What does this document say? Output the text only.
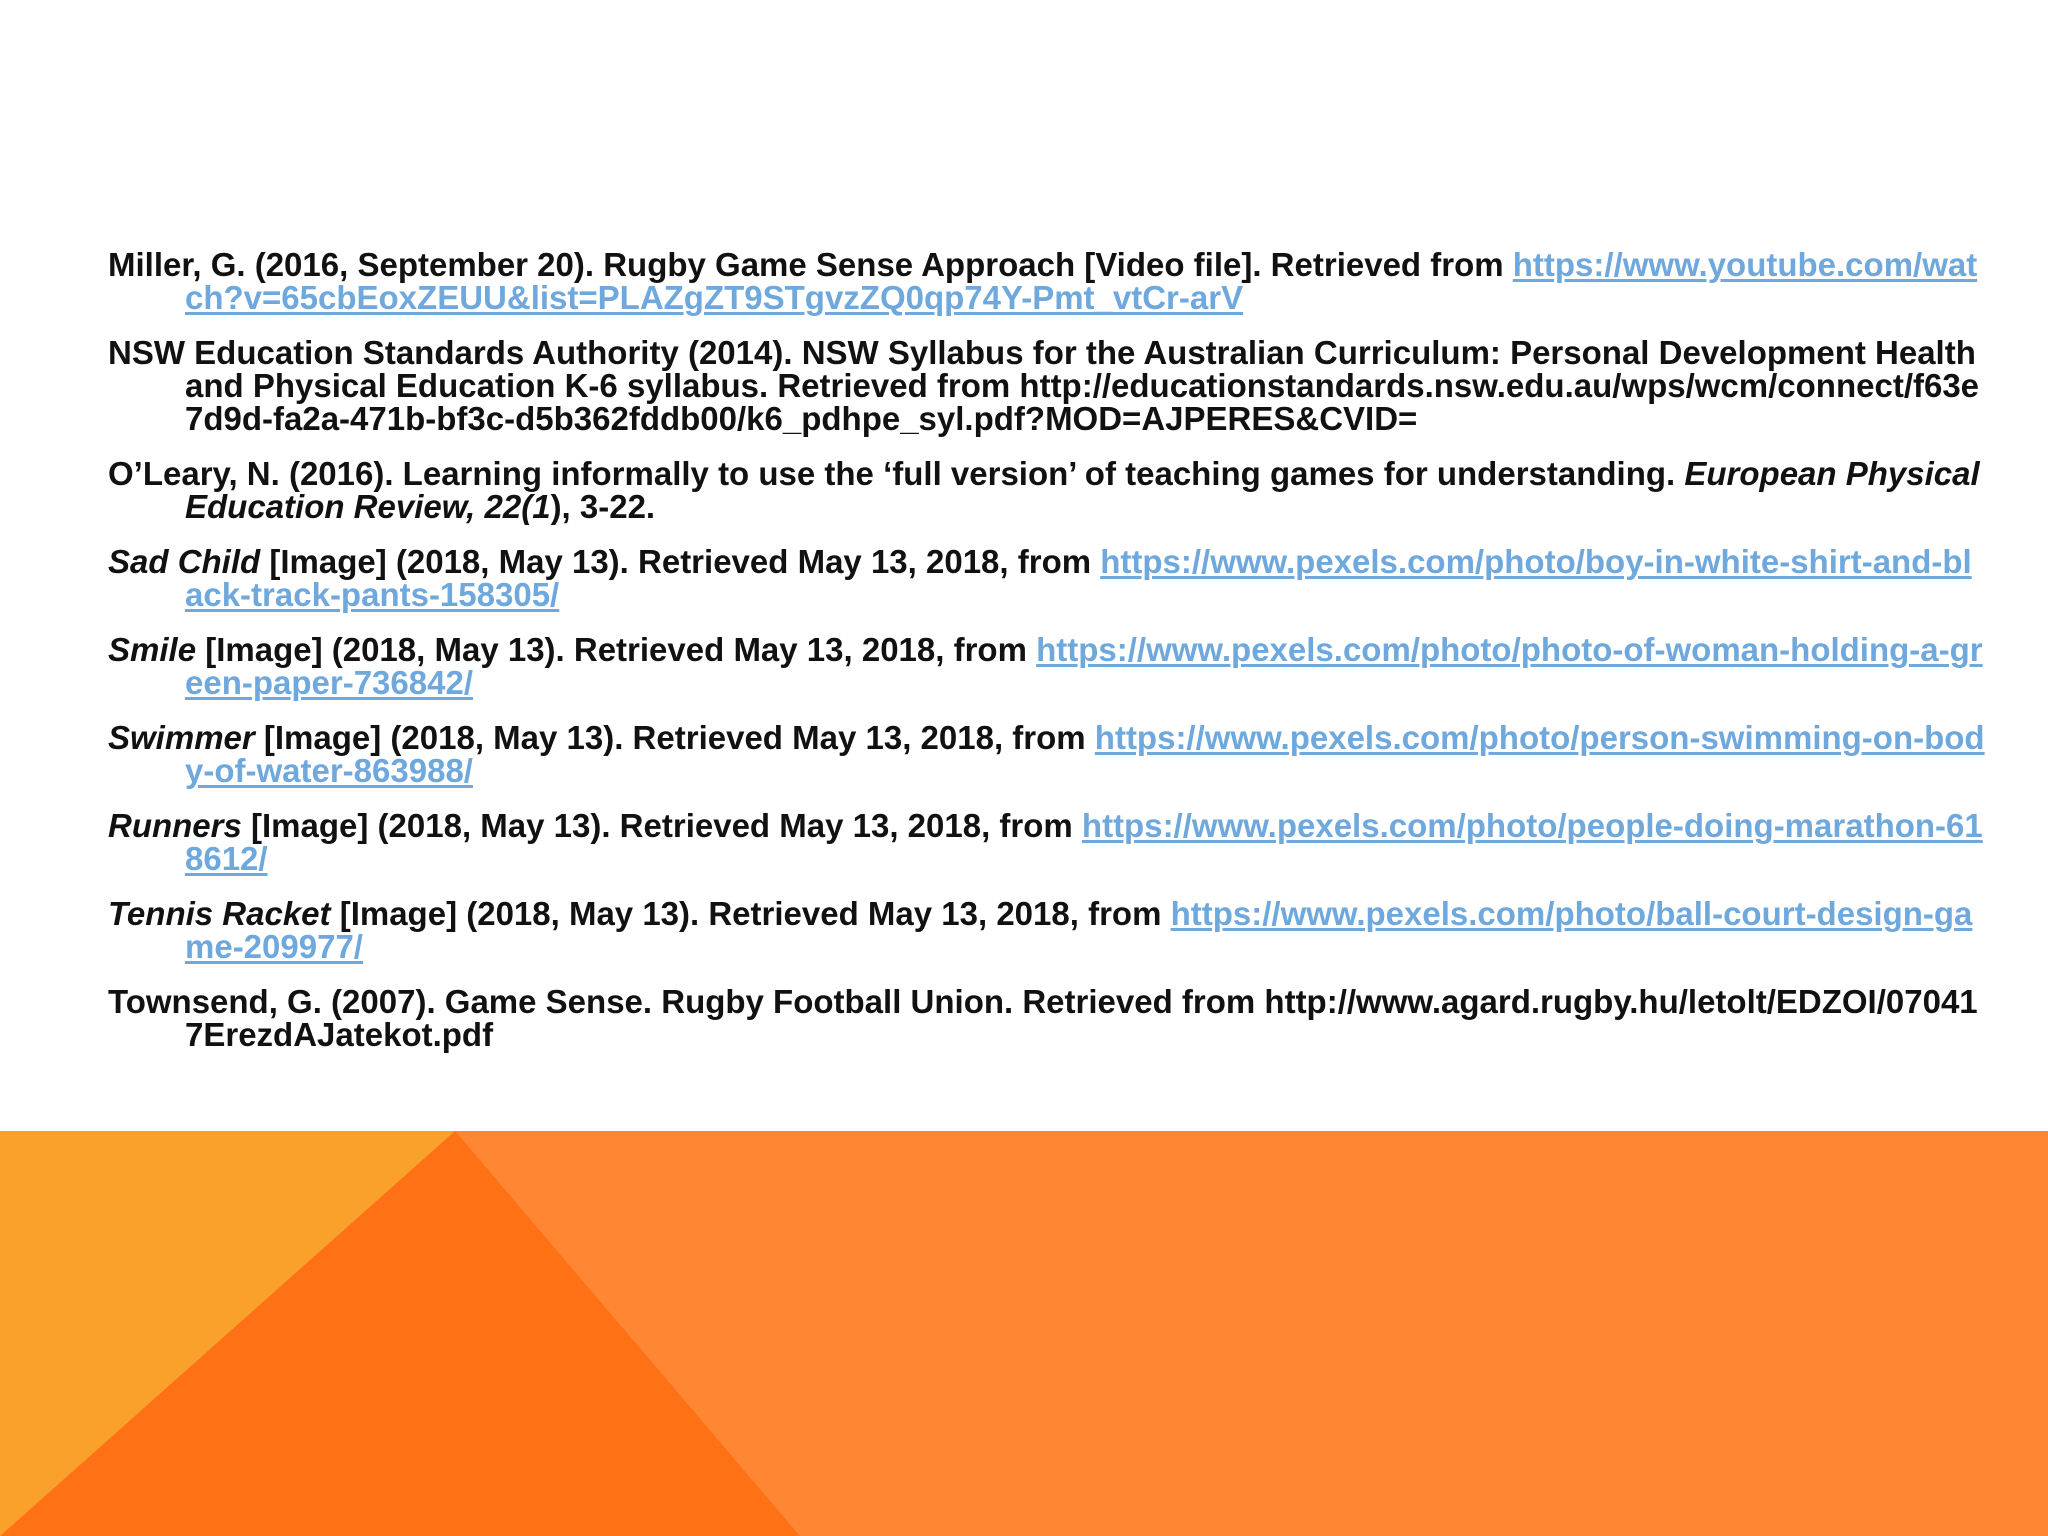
Miller, G. (2016, September 20). Rugby Game Sense Approach [Video file]. Retrieved from https://www.youtube.com/watch?v=65cbEoxZEUU&list=PLAZgZT9STgvzZQ0qp74Y-Pmt_vtCr-arV
NSW Education Standards Authority (2014). NSW Syllabus for the Australian Curriculum: Personal Development Health and Physical Education K-6 syllabus. Retrieved from http://educationstandards.nsw.edu.au/wps/wcm/connect/f63e7d9d-fa2a-471b-bf3c-d5b362fddb00/k6_pdhpe_syl.pdf?MOD=AJPERES&CVID=
O’Leary, N. (2016). Learning informally to use the ‘full version’ of teaching games for understanding. European Physical Education Review, 22(1), 3-22.
Sad Child [Image] (2018, May 13). Retrieved May 13, 2018, from https://www.pexels.com/photo/boy-in-white-shirt-and-black-track-pants-158305/
Smile [Image] (2018, May 13). Retrieved May 13, 2018, from https://www.pexels.com/photo/photo-of-woman-holding-a-green-paper-736842/
Swimmer [Image] (2018, May 13). Retrieved May 13, 2018, from https://www.pexels.com/photo/person-swimming-on-body-of-water-863988/
Runners [Image] (2018, May 13). Retrieved May 13, 2018, from https://www.pexels.com/photo/people-doing-marathon-618612/
Tennis Racket [Image] (2018, May 13). Retrieved May 13, 2018, from https://www.pexels.com/photo/ball-court-design-game-209977/
Townsend, G. (2007). Game Sense. Rugby Football Union. Retrieved from http://www.agard.rugby.hu/letolt/EDZOI/070417ErezdAJatekot.pdf
